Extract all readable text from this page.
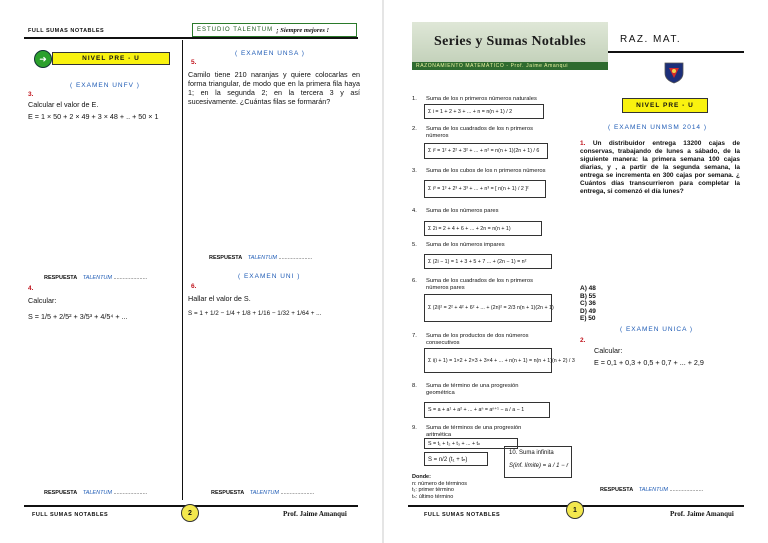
FULL SUMAS NOTABLES	ESTUDIO TALENTUM ¡ Siempre mejores !
➜	NIVEL PRE - U
( EXAMEN UNFV )
3.
Calcular el valor de E.
E = 1 × 50 + 2 × 49 + 3 × 48 + .. + 50 × 1
( EXAMEN UNSA )
5.
Camilo tiene 210 naranjas y quiere colocarlas en forma triangular, de modo que en la primera fila haya 1; en la segunda 2; en la tercera 3 y así sucesivamente. ¿Cuántas filas se formarán?
RESPUESTA TALENTUM .....
RESPUESTA TALENTUM .....
4.
Calcular:
S = 1/5 + 2/5² + 3/5³ + 4/5⁴ + ...
( EXAMEN UNI )
6.
Hallar el valor de S.
S = 1 + 1/2 − 1/4 + 1/8 + 1/16 − 1/32 + 1/64 + ...
RESPUESTA TALENTUM .....	RESPUESTA TALENTUM .....
FULL SUMAS NOTABLES	2	Prof. Jaime Amanqui
Series y Sumas Notables
RAZONAMIENTO MATEMÁTICO - Prof. Jaime Amanqui
RAZ. MAT.
NIVEL PRE - U
1. Suma de los n primeros números naturales
Σ i = 1 + 2 + 3 + ... + n = n(n + 1) / 2
2. Suma de los cuadrados de los n primeros números
Σ i² = 1² + 2² + 3² + ... + n² = n(n + 1)(2n + 1) / 6
3. Suma de los cubos de los n primeros números
Σ i³ = 1³ + 2³ + 3³ + ... + n³ = [ n(n + 1) / 2 ]²
4. Suma de los números pares
Σ 2i = 2 + 4 + 6 + ... + 2n = n(n + 1)
5. Suma de los números impares
Σ (2i − 1) = 1 + 3 + 5 + 7 ... + (2n − 1) = n²
6. Suma de los cuadrados de los n primeros números pares
Σ (2i)² = 2² + 4² + 6² + ... + (2n)² = 2/3 n(n + 1)(2n + 1)
7. Suma de los productos de dos números consecutivos
Σ i(i + 1) = 1×2 + 2×3 + 3×4 + ... + n(n + 1) = n(n + 1)(n + 2) / 3
8. Suma de término de una progresión geométrica
S = a + a¹ + a² + ... + aⁿ = aⁿ⁺¹ − a / a − 1
9. Suma de términos de una progresión aritmética
S = t₁ + t₂ + t₃ + ... + tₙ
S = n/2 (t₁ + tₙ)
Donde:
n: número de términos
t₁: primer término
tₙ: último término
10. Suma infinita
S(inf. límite) = a / 1 − r
( EXAMEN UNMSM 2014 )
1. Un distribuidor entrega 13200 cajas de conservas, trabajando de lunes a sábado, de la siguiente manera: la primera semana 100 cajas diarias, y , a partir de la segunda semana, la entrega se incrementa en 300 cajas por semana. ¿ Cuántos días transcurrieron para completar la entrega, si comenzó el día lunes?
A) 48
B) 55
C) 36
D) 49
E) 50
( EXAMEN UNICA )
2.
Calcular:
E = 0,1 + 0,3 + 0,5 + 0,7 + ... + 2,9
RESPUESTA TALENTUM .....
FULL SUMAS NOTABLES
1	Prof. Jaime Amanqui
